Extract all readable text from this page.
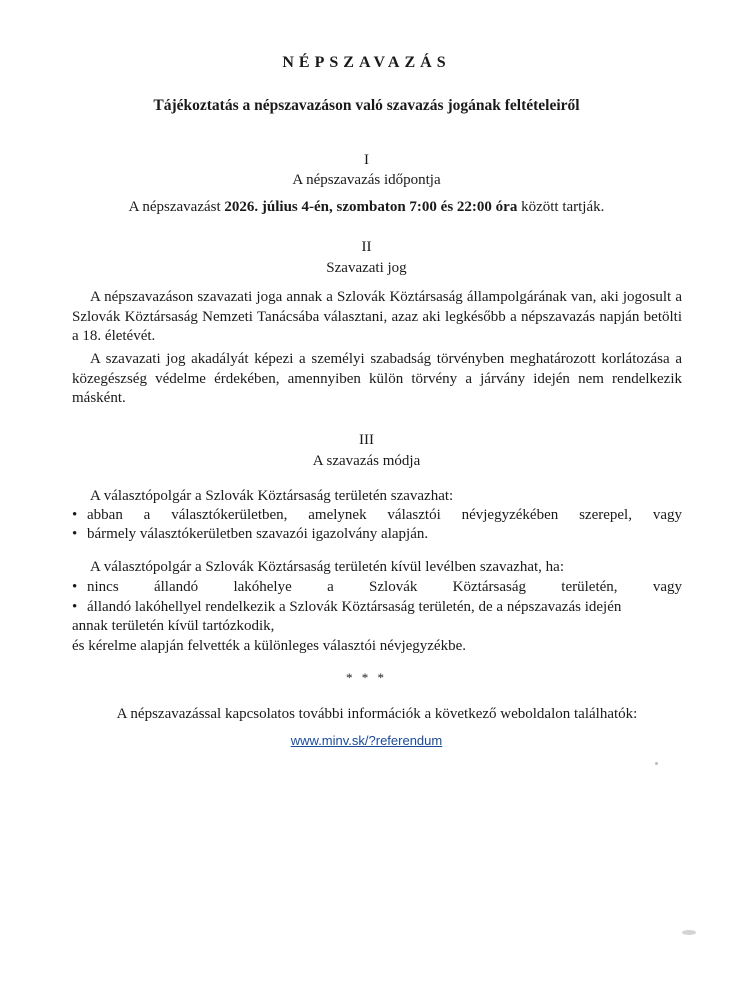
NÉPSZAVAZÁS
Tájékoztatás a népszavazáson való szavazás jogának feltételeiről
I
A népszavazás időpontja
A népszavazást 2026. július 4-én, szombaton 7:00 és 22:00 óra között tartják.
II
Szavazati jog
A népszavazáson szavazati joga annak a Szlovák Köztársaság állampolgárának van, aki jogosult a Szlovák Köztársaság Nemzeti Tanácsába választani, azaz aki legkésőbb a népszavazás napján betölti a 18. életévét.
A szavazati jog akadályát képezi a személyi szabadság törvényben meghatározott korlátozása a közegészség védelme érdekében, amennyiben külön törvény a járvány idején nem rendelkezik másként.
III
A szavazás módja
A választópolgár a Szlovák Köztársaság területén szavazhat:
• abban a választókerületben, amelynek választói névjegyzékében szerepel, vagy
• bármely választókerületben szavazói igazolvány alapján.
A választópolgár a Szlovák Köztársaság területén kívül levélben szavazhat, ha:
• nincs állandó lakóhelye a Szlovák Köztársaság területén, vagy
• állandó lakóhellyel rendelkezik a Szlovák Köztársaság területén, de a népszavazás idején
annak területén kívül tartózkodik,
és kérelme alapján felvették a különleges választói névjegyzékbe.
* * *
A népszavazással kapcsolatos további információk a következő weboldalon találhatók:
www.minv.sk/?referendum
